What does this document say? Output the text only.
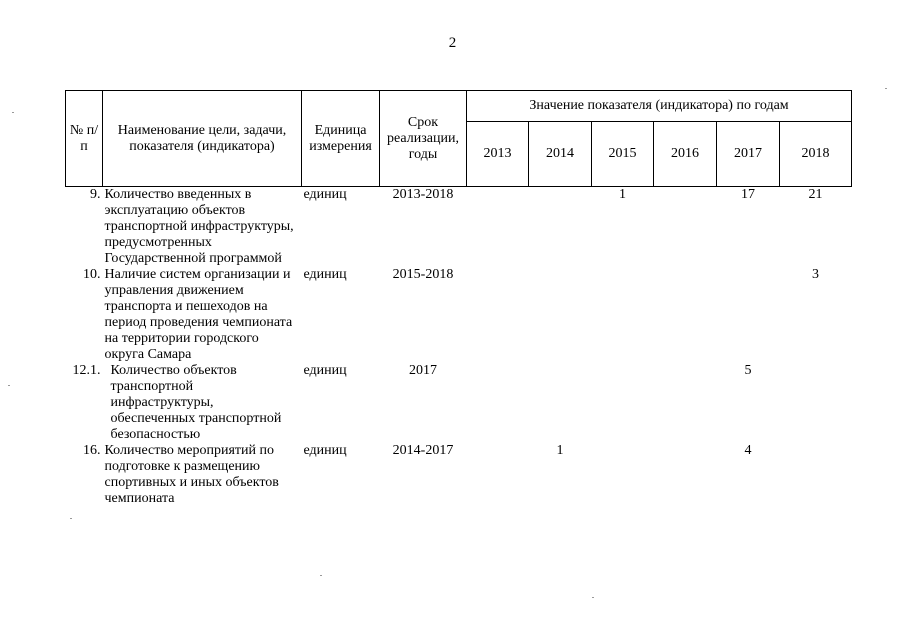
2
№ п/п	Наименование цели, задачи, показателя (индикатора)	Единица измерения	Срок реализации, годы	Значение показателя (индикатора) по годам					
				2013	2014	2015	2016	2017	2018
9.	Количество введенных в эксплуатацию объектов транспортной инфраструктуры, предусмотренных Государственной программой	единиц	2013-2018			1		17	21
10.	Наличие систем организации и управления движением транспорта и пешеходов на период проведения чемпионата на территории городского округа Самара	единиц	2015-2018						3
12.1.	Количество объектов транспортной инфраструктуры, обеспеченных транспортной безопасностью	единиц	2017					5	
16.	Количество мероприятий по подготовке к размещению спортивных и иных объектов чемпионата	единиц	2014-2017		1			4	
